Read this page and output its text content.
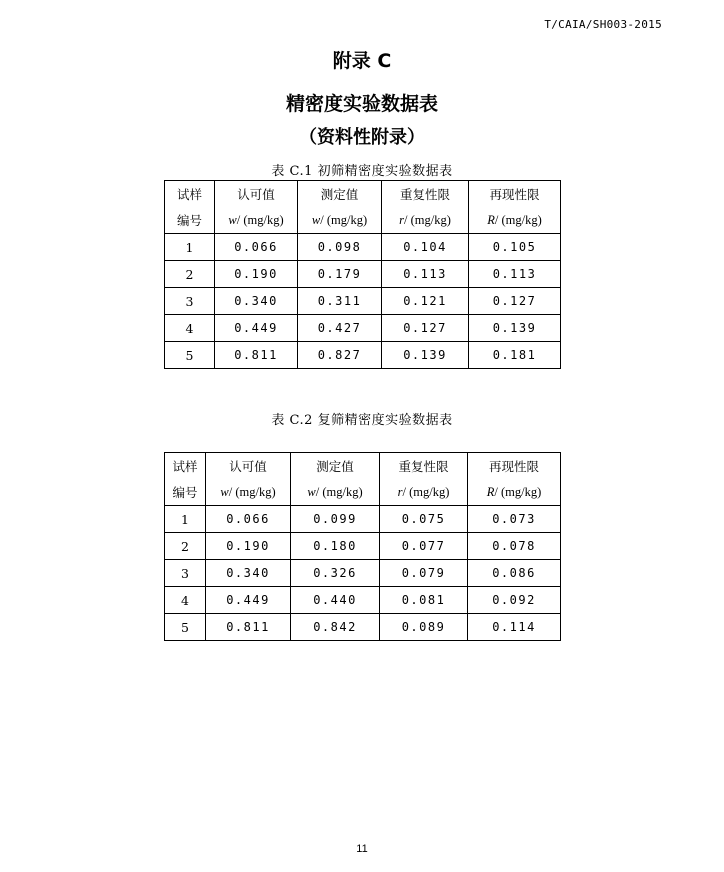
T/CAIA/SH003-2015
附录 C
精密度实验数据表
（资料性附录）
表 C.1 初筛精密度实验数据表
试样	认可值	测定值	重复性限	再现性限
编号	w/ (mg/kg)	w/ (mg/kg)	r/ (mg/kg)	R/ (mg/kg)
1	0.066	0.098	0.104	0.105
2	0.190	0.179	0.113	0.113
3	0.340	0.311	0.121	0.127
4	0.449	0.427	0.127	0.139
5	0.811	0.827	0.139	0.181
表 C.2 复筛精密度实验数据表
试样	认可值	测定值	重复性限	再现性限
编号	w/ (mg/kg)	w/ (mg/kg)	r/ (mg/kg)	R/ (mg/kg)
1	0.066	0.099	0.075	0.073
2	0.190	0.180	0.077	0.078
3	0.340	0.326	0.079	0.086
4	0.449	0.440	0.081	0.092
5	0.811	0.842	0.089	0.114
11
